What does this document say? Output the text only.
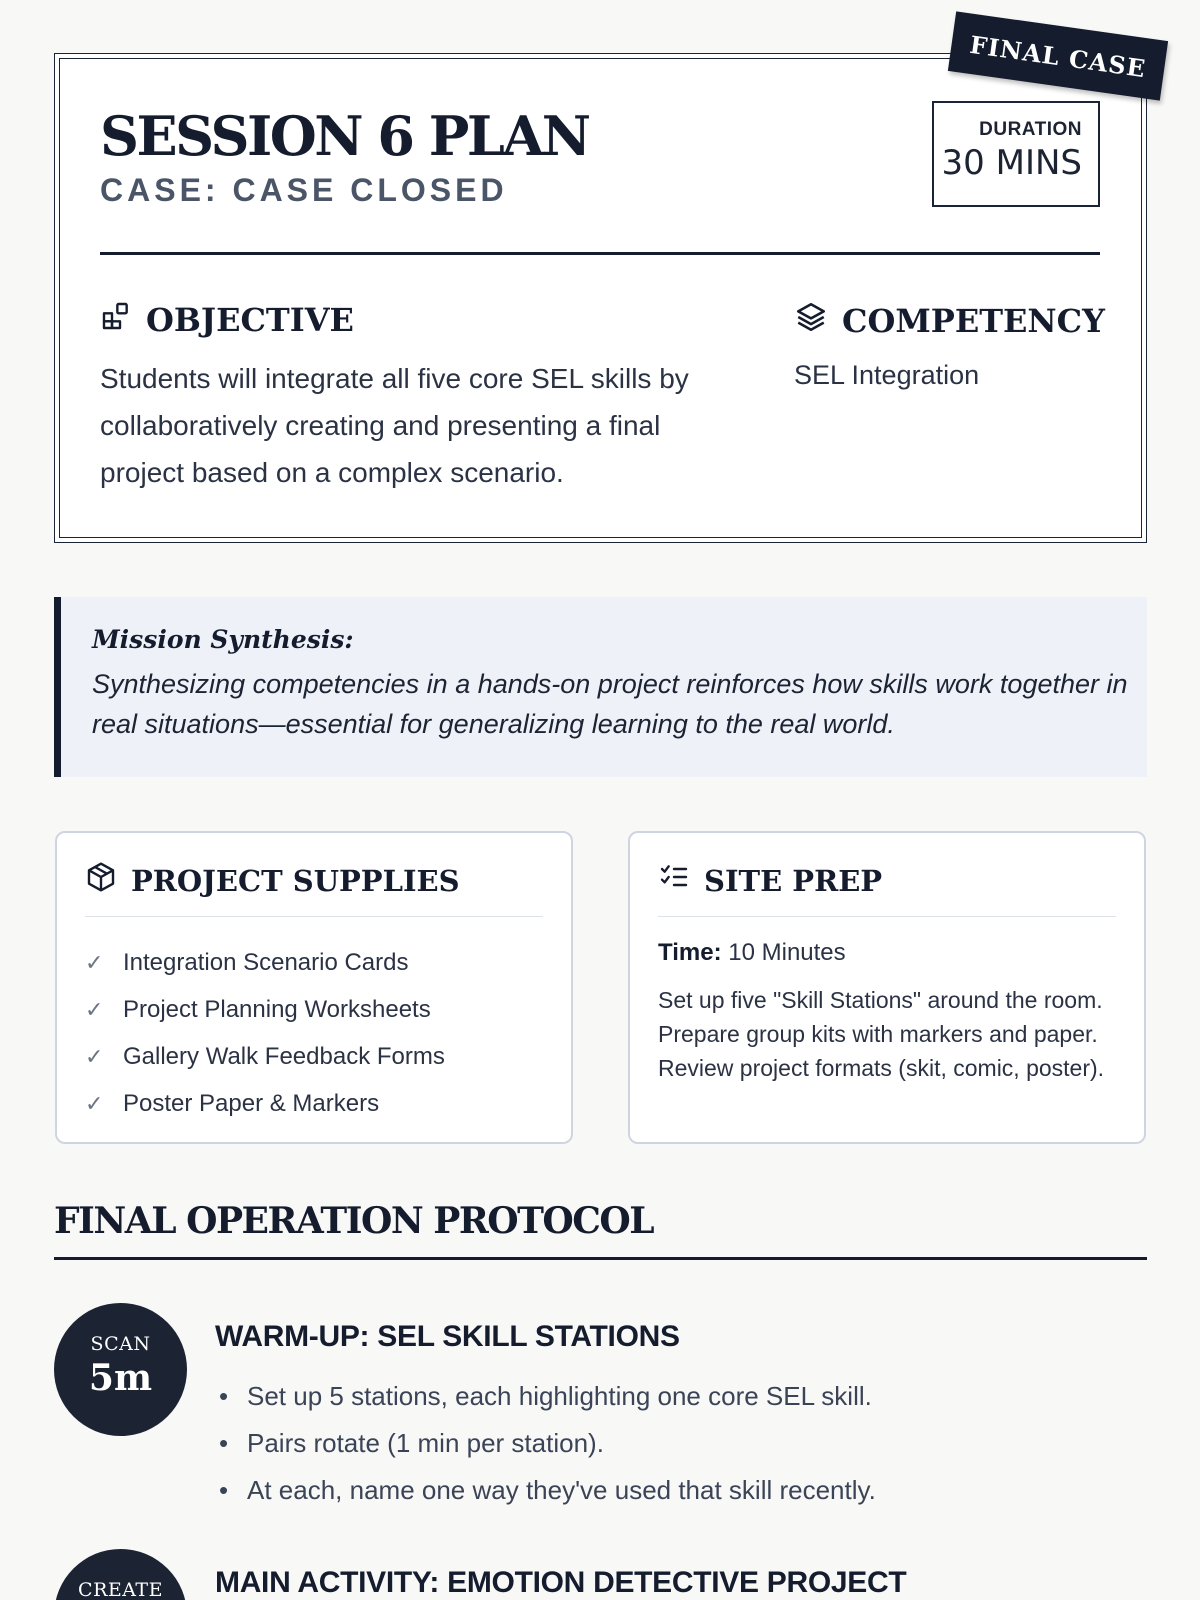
FINAL CASE
SESSION 6 PLAN
CASE: CASE CLOSED
DURATION
30 MINS
OBJECTIVE
Students will integrate all five core SEL skills by collaboratively creating and presenting a final project based on a complex scenario.
COMPETENCY
SEL Integration
Mission Synthesis:
Synthesizing competencies in a hands-on project reinforces how skills work together in real situations—essential for generalizing learning to the real world.
PROJECT SUPPLIES
✓ Integration Scenario Cards
✓ Project Planning Worksheets
✓ Gallery Walk Feedback Forms
✓ Poster Paper & Markers
SITE PREP
Time: 10 Minutes
Set up five "Skill Stations" around the room. Prepare group kits with markers and paper. Review project formats (skit, comic, poster).
FINAL OPERATION PROTOCOL
SCAN
5m
WARM-UP: SEL SKILL STATIONS
• Set up 5 stations, each highlighting one core SEL skill.
• Pairs rotate (1 min per station).
• At each, name one way they've used that skill recently.
CREATE	MAIN ACTIVITY: EMOTION DETECTIVE PROJECT
